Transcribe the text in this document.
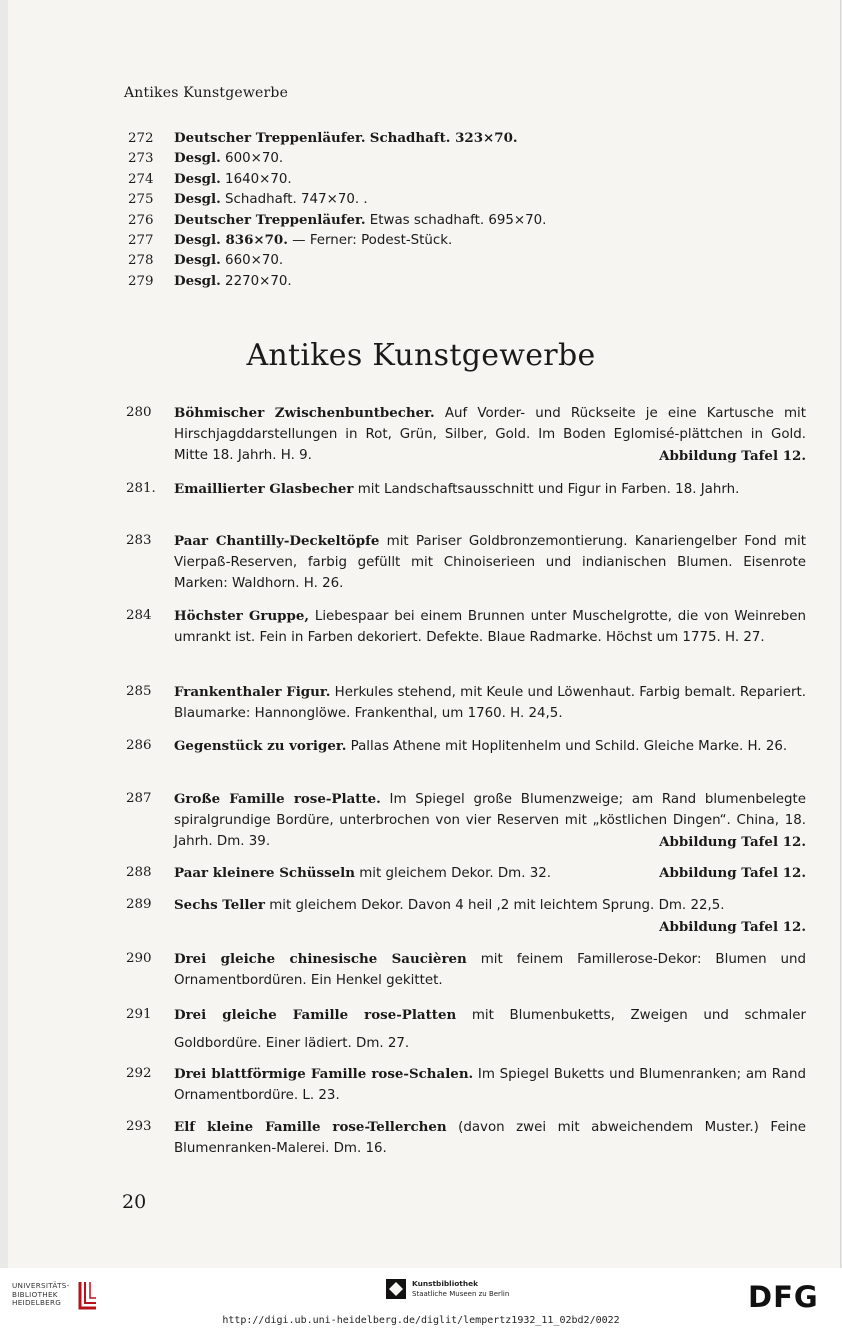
Antikes Kunstgewerbe
272 Deutscher Treppenläufer. Schadhaft. 323×70.
273 Desgl. 600×70.
274 Desgl. 1640×70.
275 Desgl. Schadhaft. 747×70. .
276 Deutscher Treppenläufer. Etwas schadhaft. 695×70.
277 Desgl. 836×70. — Ferner: Podest-Stück.
278 Desgl. 660×70.
279 Desgl. 2270×70.
Antikes Kunstgewerbe
280	Böhmischer Zwischenbuntbecher. Auf Vorder- und Rückseite je eine Kartusche mit Hirschjagddarstellungen in Rot, Grün, Silber, Gold. Im Boden Eglomisé-plättchen in Gold. Mitte 18. Jahrh. H. 9.	Abbildung Tafel 12.
281.	Emaillierter Glasbecher mit Landschaftsausschnitt und Figur in Farben. 18. Jahrh.
283	Paar Chantilly-Deckeltöpfe mit Pariser Goldbronzemontierung. Kanariengelber Fond mit Vierpaß-Reserven, farbig gefüllt mit Chinoiserieen und indianischen Blumen. Eisenrote Marken: Waldhorn. H. 26.
284	Höchster Gruppe, Liebespaar bei einem Brunnen unter Muschelgrotte, die von Weinreben umrankt ist. Fein in Farben dekoriert. Defekte. Blaue Radmarke. Höchst um 1775. H. 27.
285	Frankenthaler Figur. Herkules stehend, mit Keule und Löwenhaut. Farbig bemalt. Repariert. Blaumarke: Hannonglöwe. Frankenthal, um 1760. H. 24,5.
286	Gegenstück zu voriger. Pallas Athene mit Hoplitenhelm und Schild. Gleiche Marke. H. 26.
287	Große Famille rose-Platte. Im Spiegel große Blumenzweige; am Rand blumenbelegte spiralgrundige Bordüre, unterbrochen von vier Reserven mit „köstlichen Dingen“. China, 18. Jahrh. Dm. 39.	Abbildung Tafel 12.
288	Paar kleinere Schüsseln mit gleichem Dekor. Dm. 32.	Abbildung Tafel 12.
289	Sechs Teller mit gleichem Dekor. Davon 4 heil ,2 mit leichtem Sprung. Dm. 22,5.
Abbildung Tafel 12.
290	Drei gleiche chinesische Saucièren mit feinem Famillerose-Dekor: Blumen und Ornamentbordüren. Ein Henkel gekittet.
291	Drei gleiche Famille rose-Platten mit Blumenbuketts, Zweigen und schmaler Goldbordüre. Einer lädiert. Dm. 27.
292	Drei blattförmige Famille rose-Schalen. Im Spiegel Buketts und Blumenranken; am Rand Ornamentbordüre. L. 23.
293	Elf kleine Famille rose-Tellerchen (davon zwei mit abweichendem Muster.) Feine Blumenranken-Malerei. Dm. 16.
20
UNIVERSITÄTS-
BIBLIOTHEK
HEIDELBERG
Kunstbibliothek
Staatliche Museen zu Berlin	DFG
http://digi.ub.uni-heidelberg.de/diglit/lempertz1932_11_02bd2/0022
